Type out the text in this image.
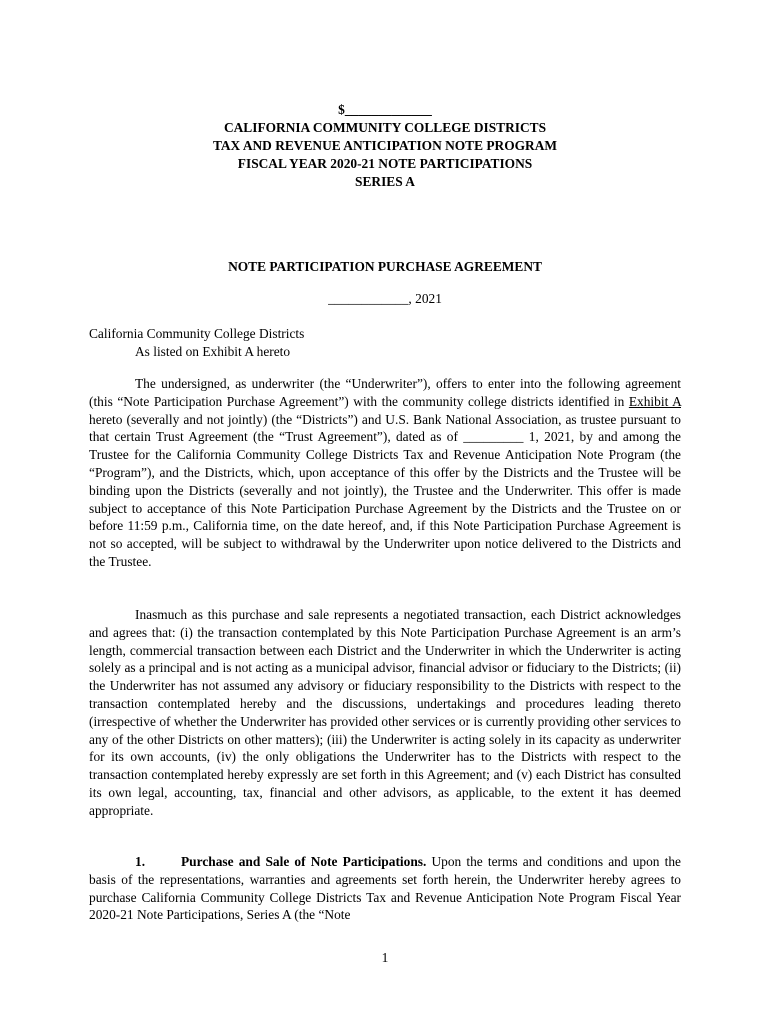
$_____________
CALIFORNIA COMMUNITY COLLEGE DISTRICTS
TAX AND REVENUE ANTICIPATION NOTE PROGRAM
FISCAL YEAR 2020-21 NOTE PARTICIPATIONS
SERIES A
NOTE PARTICIPATION PURCHASE AGREEMENT
____________, 2021
California Community College Districts
As listed on Exhibit A hereto
The undersigned, as underwriter (the “Underwriter”), offers to enter into the following agreement (this “Note Participation Purchase Agreement”) with the community college districts identified in Exhibit A hereto (severally and not jointly) (the “Districts”) and U.S. Bank National Association, as trustee pursuant to that certain Trust Agreement (the “Trust Agreement”), dated as of _________ 1, 2021, by and among the Trustee for the California Community College Districts Tax and Revenue Anticipation Note Program (the “Program”), and the Districts, which, upon acceptance of this offer by the Districts and the Trustee will be binding upon the Districts (severally and not jointly), the Trustee and the Underwriter. This offer is made subject to acceptance of this Note Participation Purchase Agreement by the Districts and the Trustee on or before 11:59 p.m., California time, on the date hereof, and, if this Note Participation Purchase Agreement is not so accepted, will be subject to withdrawal by the Underwriter upon notice delivered to the Districts and the Trustee.
Inasmuch as this purchase and sale represents a negotiated transaction, each District acknowledges and agrees that: (i) the transaction contemplated by this Note Participation Purchase Agreement is an arm’s length, commercial transaction between each District and the Underwriter in which the Underwriter is acting solely as a principal and is not acting as a municipal advisor, financial advisor or fiduciary to the Districts; (ii) the Underwriter has not assumed any advisory or fiduciary responsibility to the Districts with respect to the transaction contemplated hereby and the discussions, undertakings and procedures leading thereto (irrespective of whether the Underwriter has provided other services or is currently providing other services to any of the other Districts on other matters); (iii) the Underwriter is acting solely in its capacity as underwriter for its own accounts, (iv) the only obligations the Underwriter has to the Districts with respect to the transaction contemplated hereby expressly are set forth in this Agreement; and (v) each District has consulted its own legal, accounting, tax, financial and other advisors, as applicable, to the extent it has deemed appropriate.
1.	Purchase and Sale of Note Participations. Upon the terms and conditions and upon the basis of the representations, warranties and agreements set forth herein, the Underwriter hereby agrees to purchase California Community College Districts Tax and Revenue Anticipation Note Program Fiscal Year 2020-21 Note Participations, Series A (the “Note
1
